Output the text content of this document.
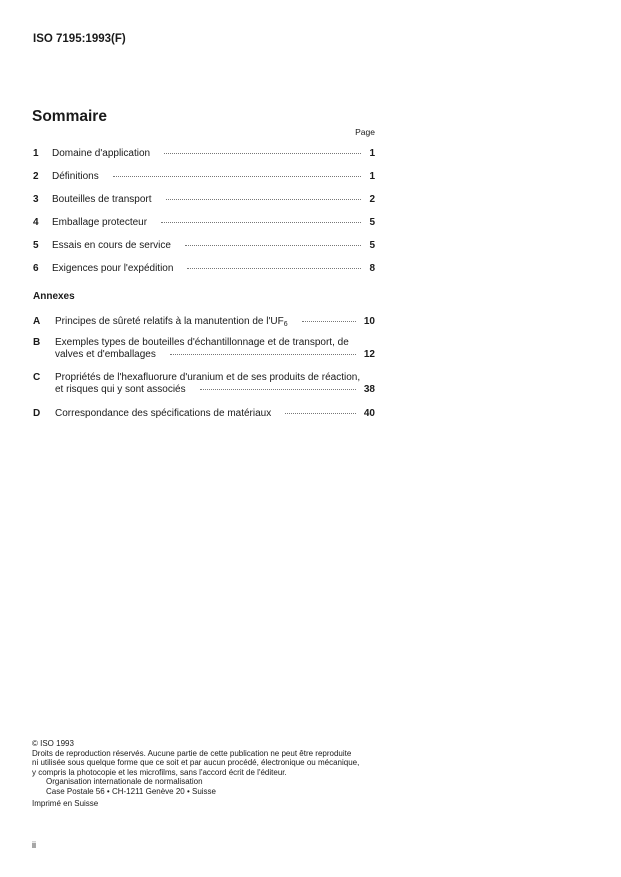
ISO 7195:1993(F)
Sommaire
Page
1 Domaine d'application	1
2 Définitions	1
3 Bouteilles de transport	2
4 Emballage protecteur	5
5 Essais en cours de service	5
6 Exigences pour l'expédition	8
Annexes
A Principes de sûreté relatifs à la manutention de $l'UF_6$	10
B Exemples types de bouteilles d'échantillonnage et de transport, de
valves et d'emballages	12
C Propriétés de l'hexafluorure d'uranium et de ses produits de réaction,
et risques qui y sont associés	38
D Correspondance des spécifications de matériaux	40
© ISO 1993
Droits de reproduction réservés. Aucune partie de cette publication ne peut être reproduite
ni utilisée sous quelque forme que ce soit et par aucun procédé, électronique ou mécanique,
y compris la photocopie et les microfilms, sans l'accord écrit de l'éditeur.
Organisation internationale de normalisation
Case Postale 56 • CH-1211 Genève 20 • Suisse
Imprimé en Suisse
ii
